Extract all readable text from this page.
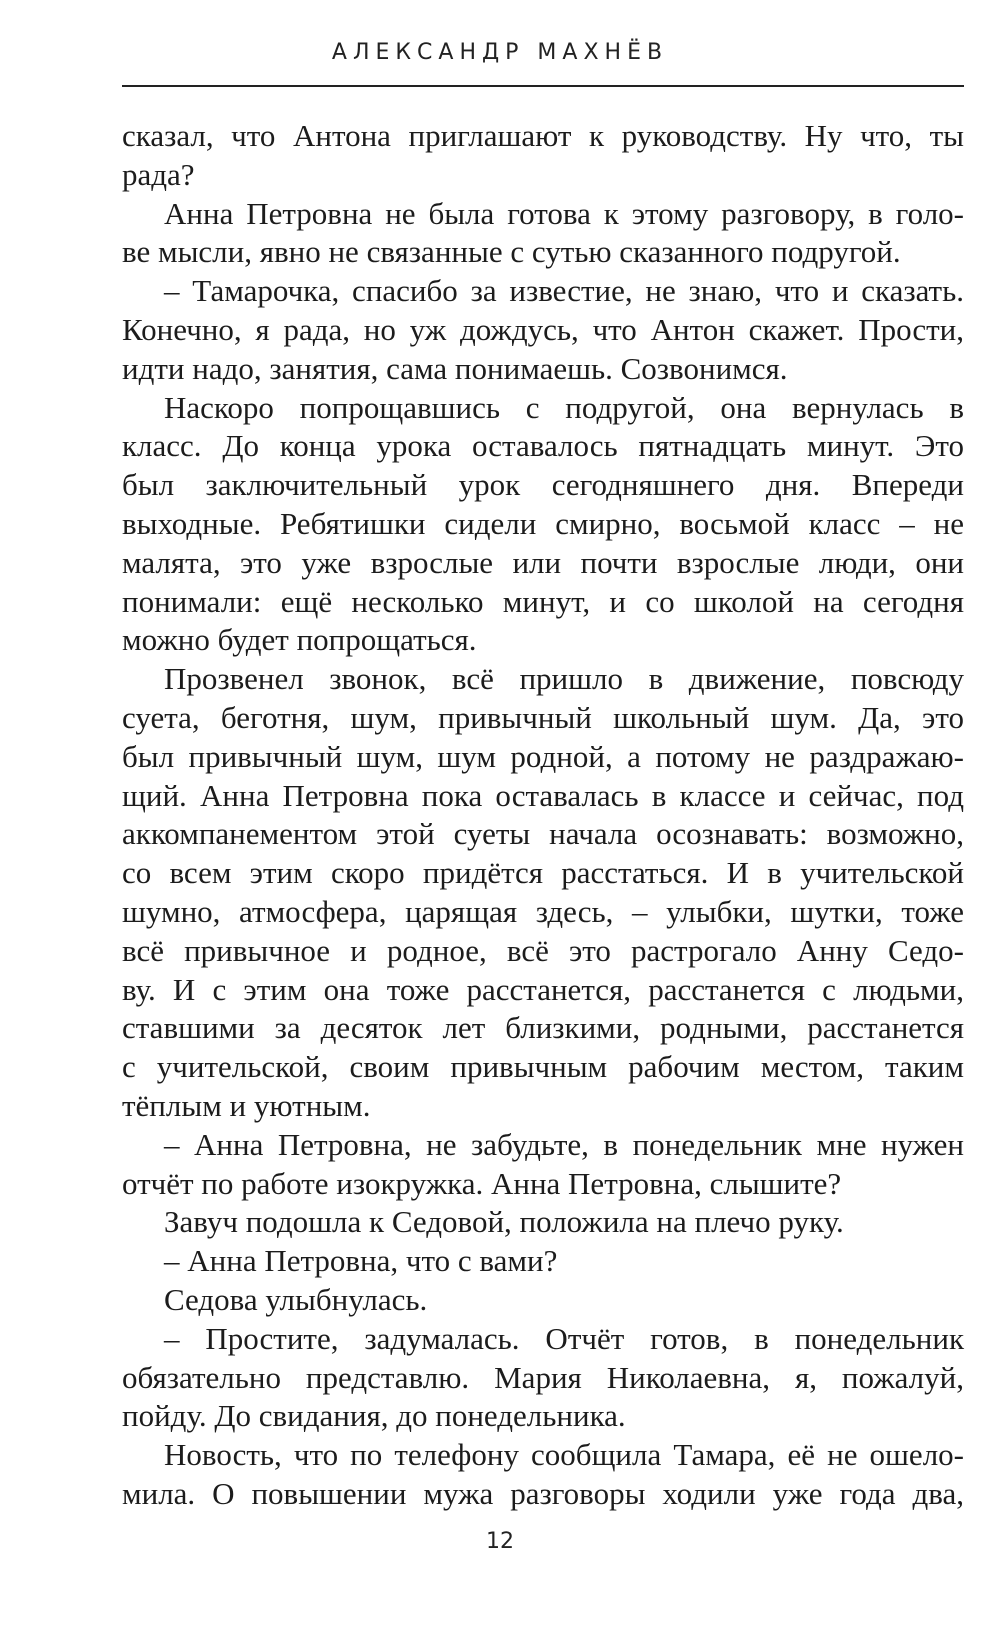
АЛЕКСАНДР МАХНЁВ
сказал, что Антона приглашают к руководству. Ну что, ты
рада?
Анна Петровна не была готова к этому разговору, в голо-
ве мысли, явно не связанные с сутью сказанного подругой.
– Тамарочка, спасибо за известие, не знаю, что и сказать.
Конечно, я рада, но уж дождусь, что Антон скажет. Прости,
идти надо, занятия, сама понимаешь. Созвонимся.
Наскоро попрощавшись с подругой, она вернулась в
класс. До конца урока оставалось пятнадцать минут. Это
был заключительный урок сегодняшнего дня. Впереди
выходные. Ребятишки сидели смирно, восьмой класс – не
малята, это уже взрослые или почти взрослые люди, они
понимали: ещё несколько минут, и со школой на сегодня
можно будет попрощаться.
Прозвенел звонок, всё пришло в движение, повсюду
суета, беготня, шум, привычный школьный шум. Да, это
был привычный шум, шум родной, а потому не раздражаю-
щий. Анна Петровна пока оставалась в классе и сейчас, под
аккомпанементом этой суеты начала осознавать: возможно,
со всем этим скоро придётся расстаться. И в учительской
шумно, атмосфера, царящая здесь, – улыбки, шутки, тоже
всё привычное и родное, всё это растрогало Анну Седо-
ву. И с этим она тоже расстанется, расстанется с людьми,
ставшими за десяток лет близкими, родными, расстанется
с учительской, своим привычным рабочим местом, таким
тёплым и уютным.
– Анна Петровна, не забудьте, в понедельник мне нужен
отчёт по работе изокружка. Анна Петровна, слышите?
Завуч подошла к Седовой, положила на плечо руку.
– Анна Петровна, что с вами?
Седова улыбнулась.
– Простите, задумалась. Отчёт готов, в понедельник
обязательно представлю. Мария Николаевна, я, пожалуй,
пойду. До свидания, до понедельника.
Новость, что по телефону сообщила Тамара, её не ошело-
мила. О повышении мужа разговоры ходили уже года два,
12
